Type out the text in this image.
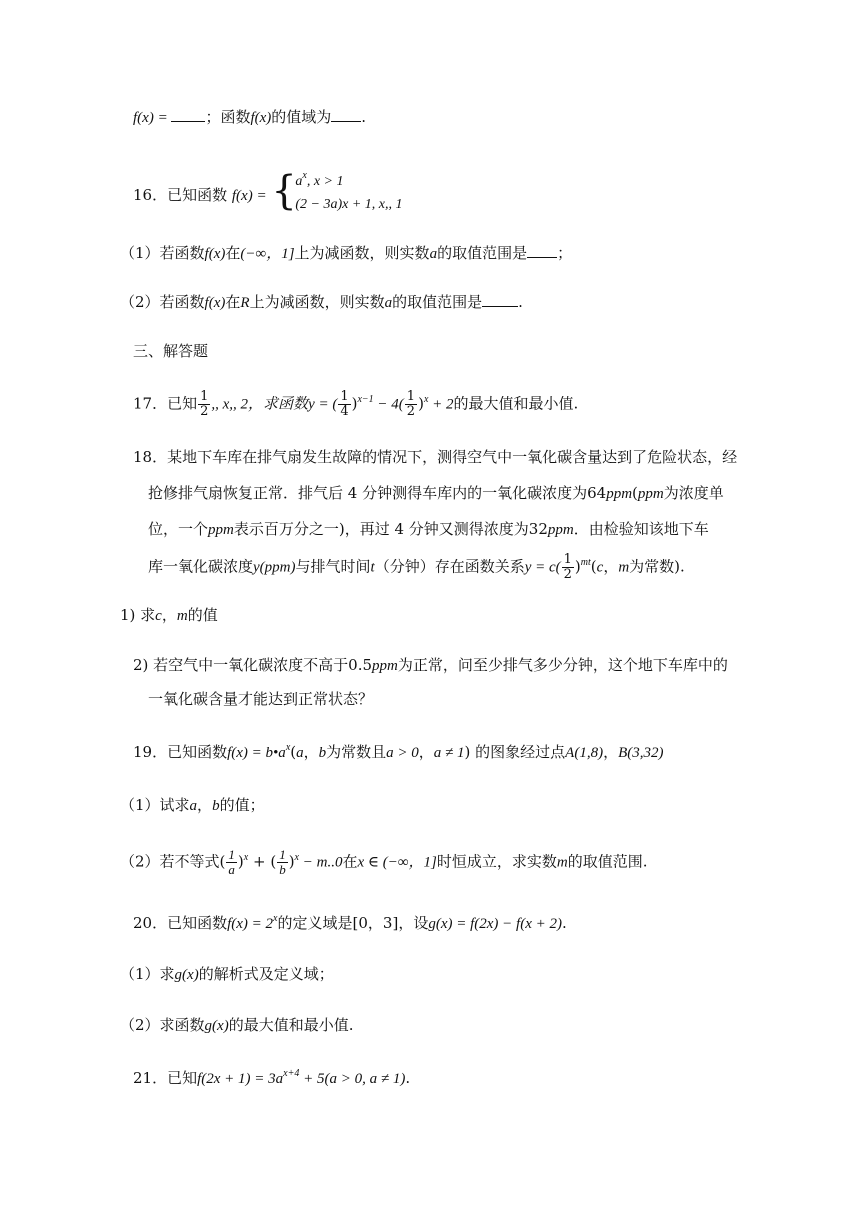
f(x) = ；函数f(x)的值域为 .
16．已知函数 f(x) = {
$a^x$, x > 1
(2 − 3a)x + 1, x,, 1
（1）若函数f(x)在(−∞，1]上为减函数，则实数a的取值范围是 ；
（2）若函数f(x)在R上为减函数，则实数a的取值范围是 .
三、解答题
17．已知 $\frac{1}{2}$ ,, x,, 2，求函数y = ( $\frac{1}{4} )^{x-1} - 4( \frac{1}{2} )^x + 2$的最大值和最小值.
18．某地下车库在排气扇发生故障的情况下，测得空气中一氧化碳含量达到了危险状态，经
抢修排气扇恢复正常．排气后 4 分钟测得车库内的一氧化碳浓度为64ppm(ppm为浓度单
位，一个ppm表示百万分之一)，再过 4 分钟又测得浓度为32ppm．由检验知该地下车
库一氧化碳浓度y(ppm)与排气时间t（分钟）存在函数关系$y = c( \frac{1}{2} )^{mt}(c$，m为常数).
1) 求c，m的值
2) 若空气中一氧化碳浓度不高于0.5ppm为正常，问至少排气多少分钟，这个地下车库中的
一氧化碳含量才能达到正常状态？
19．已知函数$f(x) = b•a^x(a$，b为常数且a > 0，a ≠ 1) 的图象经过点A(1,8)，B(3,32)
（1）试求a，b的值；
（2）若不等式( $\frac{1}{a} )^x$ + ( $\frac{1}{b} )^x - m..0$在x ∈ (−∞，1]时恒成立，求实数m的取值范围.
20．已知函数$f(x) = 2^x$的定义域是[0，3]，设g(x) = f(2x) − f(x + 2).
（1）求g(x)的解析式及定义域；
（2）求函数g(x)的最大值和最小值.
21．已知$f(2x + 1) = 3a^{x+4} + 5(a > 0$, a ≠ 1).
